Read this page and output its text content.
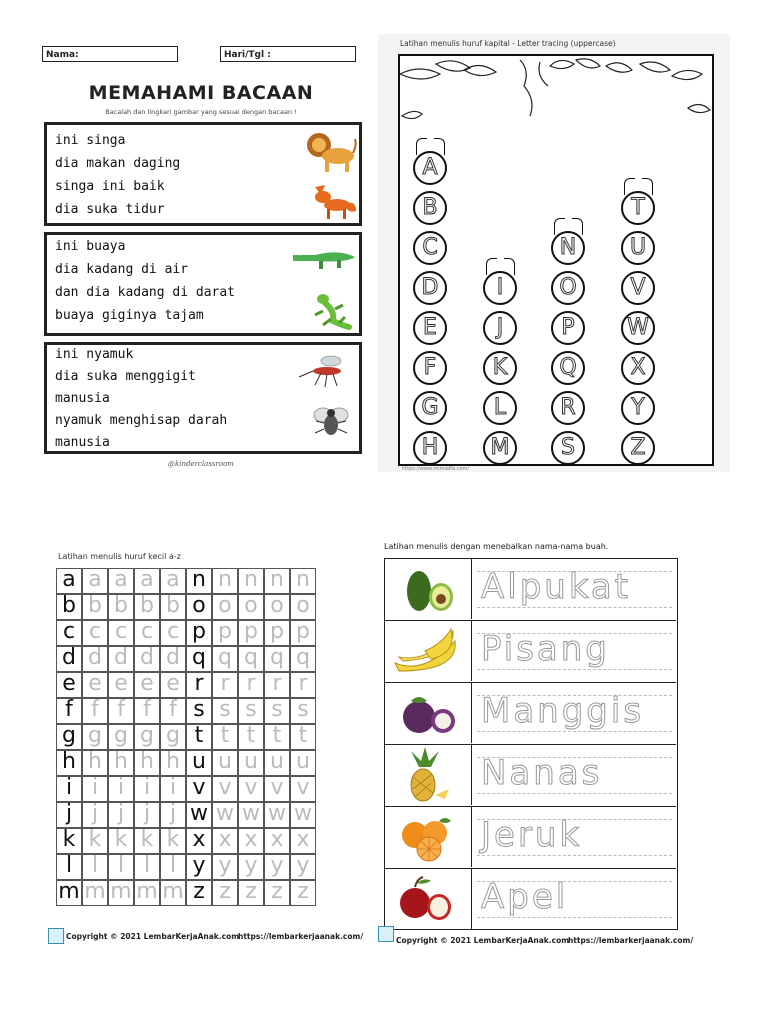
Nama:	Hari/Tgl :
MEMAHAMI BACAAN
Bacalah dan lingkari gambar yang sesuai dengan bacaan !
ini singa
dia makan daging
singa ini baik
dia suka tidur
ini buaya
dia kadang di air
dan dia kadang di darat
buaya giginya tajam
ini nyamuk
dia suka menggigit
manusia
nyamuk menghisap darah
manusia
@kinderclassroom
Latihan menulis huruf kapital - Letter tracing (uppercase)
A
B
C
D
E
F
G
H
I
J
K
L
M
N
O
P
Q
R
S
T
U
V
W
X
Y
Z
https://www.mimialfa.com/
Latihan menulis huruf kecil a-z
a a a a a n n n n n
b b b b b o o o o o
c c c c c p p p p p
d d d d d q q q q q
e e e e e r r r r r
f f f f f s s s s s
g g g g g t t t t t
h h h h h u u u u u
i i i i i v v v v v
j j j j j w w w w w
k k k k k x x x x x
l l l l l y y y y y
m m m m m z z z z z
Copyright © 2021 LembarKerjaAnak.com
https://lembarkerjaanak.com/
Latihan menulis dengan menebalkan nama-nama buah.
Alpukat
Pisang
Manggis
Nanas
Jeruk
Apel
Copyright © 2021 LembarKerjaAnak.com
https://lembarkerjaanak.com/
